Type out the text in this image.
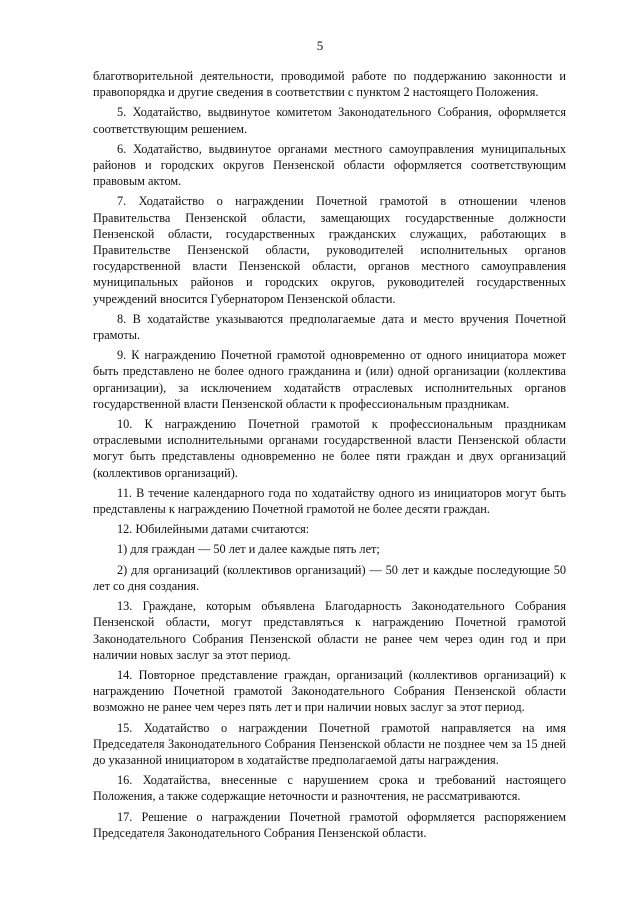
5

благотворительной деятельности, проводимой работе по поддержанию законности и правопорядка и другие сведения в соответствии с пунктом 2 настоящего Положения.

5. Ходатайство, выдвинутое комитетом Законодательного Собрания, оформляется соответствующим решением.

6. Ходатайство, выдвинутое органами местного самоуправления муниципальных районов и городских округов Пензенской области оформляется соответствующим правовым актом.

7. Ходатайство о награждении Почетной грамотой в отношении членов Правительства Пензенской области, замещающих государственные должности Пензенской области, государственных гражданских служащих, работающих в Правительстве Пензенской области, руководителей исполнительных органов государственной власти Пензенской области, органов местного самоуправления муниципальных районов и городских округов, руководителей государственных учреждений вносится Губернатором Пензенской области.

8. В ходатайстве указываются предполагаемые дата и место вручения Почетной грамоты.

9. К награждению Почетной грамотой одновременно от одного инициатора может быть представлено не более одного гражданина и (или) одной организации (коллектива организации), за исключением ходатайств отраслевых исполнительных органов государственной власти Пензенской области к профессиональным праздникам.

10. К награждению Почетной грамотой к профессиональным праздникам отраслевыми исполнительными органами государственной власти Пензенской области могут быть представлены одновременно не более пяти граждан и двух организаций (коллективов организаций).

11. В течение календарного года по ходатайству одного из инициаторов могут быть представлены к награждению Почетной грамотой не более десяти граждан.

12. Юбилейными датами считаются:

1) для граждан — 50 лет и далее каждые пять лет;

2) для организаций (коллективов организаций) — 50 лет и каждые последующие 50 лет со дня создания.

13. Граждане, которым объявлена Благодарность Законодательного Собрания Пензенской области, могут представляться к награждению Почетной грамотой Законодательного Собрания Пензенской области не ранее чем через один год и при наличии новых заслуг за этот период.

14. Повторное представление граждан, организаций (коллективов организаций) к награждению Почетной грамотой Законодательного Собрания Пензенской области возможно не ранее чем через пять лет и при наличии новых заслуг за этот период.

15. Ходатайство о награждении Почетной грамотой направляется на имя Председателя Законодательного Собрания Пензенской области не позднее чем за 15 дней до указанной инициатором в ходатайстве предполагаемой даты награждения.

16. Ходатайства, внесенные с нарушением срока и требований настоящего Положения, а также содержащие неточности и разночтения, не рассматриваются.

17. Решение о награждении Почетной грамотой оформляется распоряжением Председателя Законодательного Собрания Пензенской области.
